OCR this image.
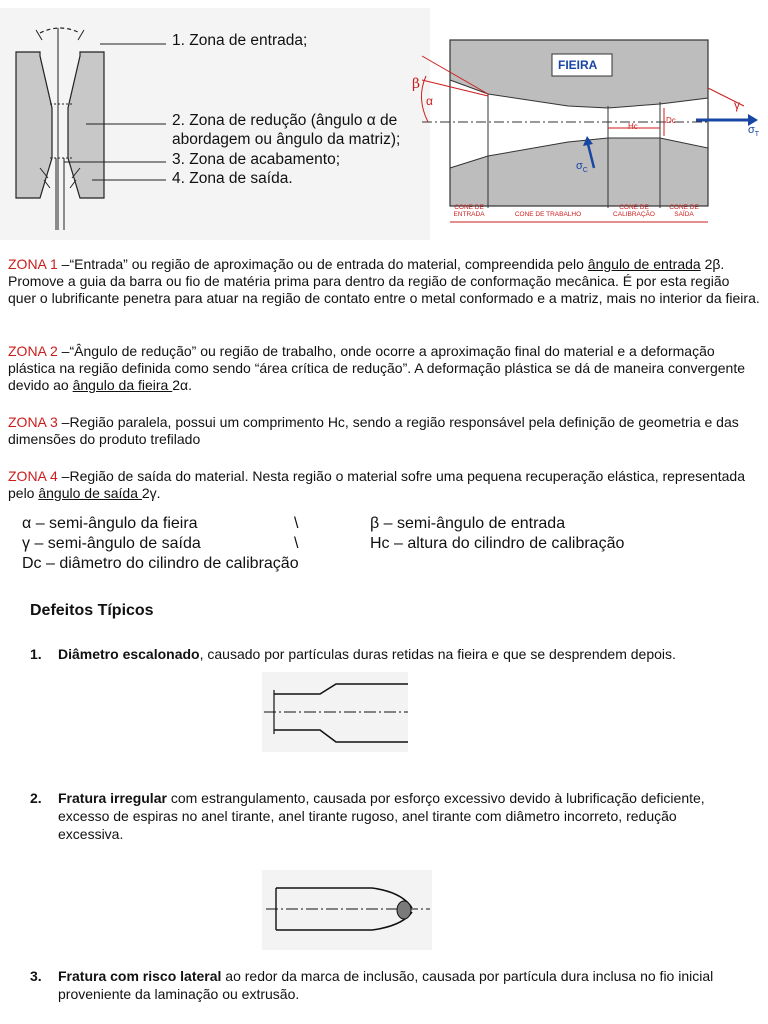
1. Zona de entrada;
2. Zona de redução (ângulo α de
abordagem ou ângulo da matriz);
3. Zona de acabamento;
4. Zona de saída.
FIEIRA
β
α	γ
Hc
Dc
$\sigma_T$
$\sigma_C$
CONE DE
ENTRADA	CONE DE TRABALHO
CONE DE
CALIBRAÇÃO
CONE DE
SAÍDA
ZONA 1 –“Entrada” ou região de aproximação ou de entrada do material, compreendida pelo ângulo de entrada 2β. Promove a guia da barra ou fio de matéria prima para dentro da região de conformação mecânica. É por esta região quer o lubrificante penetra para atuar na região de contato entre o metal conformado e a matriz, mais no interior da fieira.
ZONA 2 –“Ângulo de redução” ou região de trabalho, onde ocorre a aproximação final do material e a deformação plástica na região definida como sendo “área crítica de redução”. A deformação plástica se dá de maneira convergente devido ao ângulo da fieira 2α.
ZONA 3 –Região paralela, possui um comprimento Hc, sendo a região responsável pela definição de geometria e das dimensões do produto trefilado
ZONA 4 –Região de saída do material. Nesta região o material sofre uma pequena recuperação elástica, representada pelo ângulo de saída 2γ.
α – semi-ângulo da fieira	\	β – semi-ângulo de entrada
γ – semi-ângulo de saída	\	Hc – altura do cilindro de calibração
Dc – diâmetro do cilindro de calibração
Defeitos Típicos
1. Diâmetro escalonado, causado por partículas duras retidas na fieira e que se desprendem depois.
2. Fratura irregular com estrangulamento, causada por esforço excessivo devido à lubrificação deficiente, excesso de espiras no anel tirante, anel tirante rugoso, anel tirante com diâmetro incorreto, redução excessiva.
3. Fratura com risco lateral ao redor da marca de inclusão, causada por partícula dura inclusa no fio inicial proveniente da laminação ou extrusão.
